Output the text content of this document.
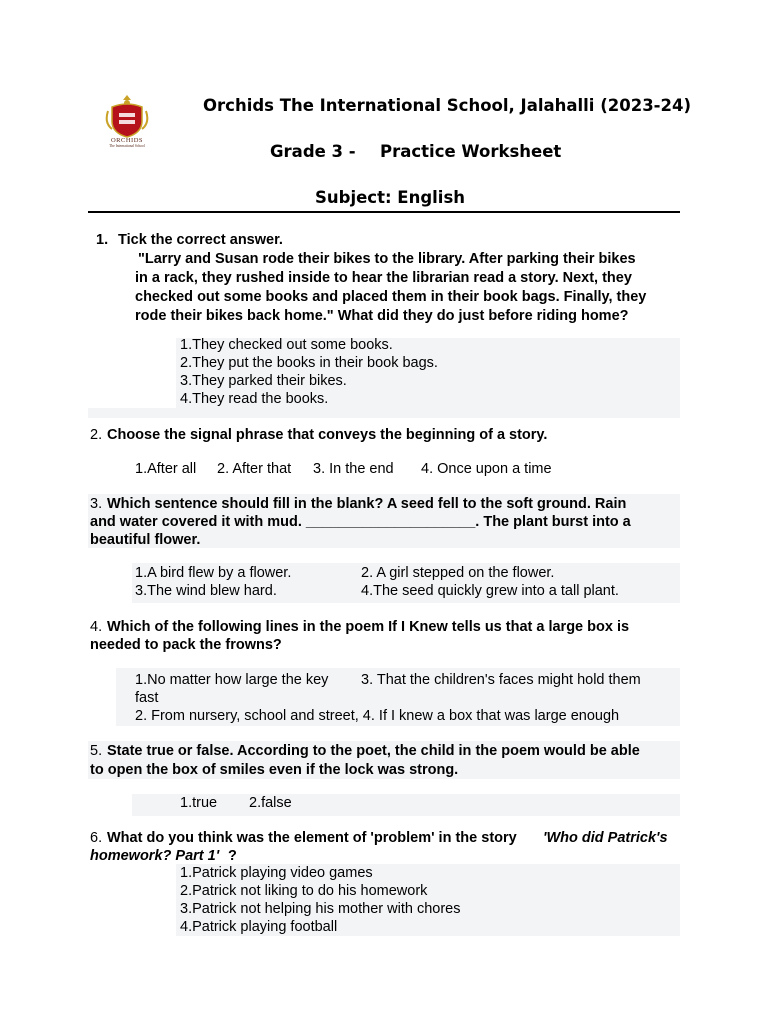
ORCHIDS
The International School
Orchids The International School, Jalahalli (2023-24)
Grade 3 - Practice Worksheet
Subject: English
1. Tick the correct answer.
"Larry and Susan rode their bikes to the library. After parking their bikes
in a rack, they rushed inside to hear the librarian read a story. Next, they
checked out some books and placed them in their book bags. Finally, they
rode their bikes back home." What did they do just before riding home?
1.They checked out some books.
2.They put the books in their book bags.
3.They parked their bikes.
4.They read the books.
2. Choose the signal phrase that conveys the beginning of a story.
1.After all 2. After that 3. In the end 4. Once upon a time
3. Which sentence should fill in the blank? A seed fell to the soft ground. Rain
and water covered it with mud. _____________________. The plant burst into a
beautiful flower.
1.A bird flew by a flower.	2. A girl stepped on the flower.
3.The wind blew hard.	4.The seed quickly grew into a tall plant.
4. Which of the following lines in the poem If I Knew tells us that a large box is
needed to pack the frowns?
1.No matter how large the key 3. That the children's faces might hold them
fast
2. From nursery, school and street, 4. If I knew a box that was large enough
5. State true or false. According to the poet, the child in the poem would be able
to open the box of smiles even if the lock was strong.
1.true 2.false
6. What do you think was the element of 'problem' in the story 'Who did Patrick's
homework? Part 1' ?
1.Patrick playing video games
2.Patrick not liking to do his homework
3.Patrick not helping his mother with chores
4.Patrick playing football
